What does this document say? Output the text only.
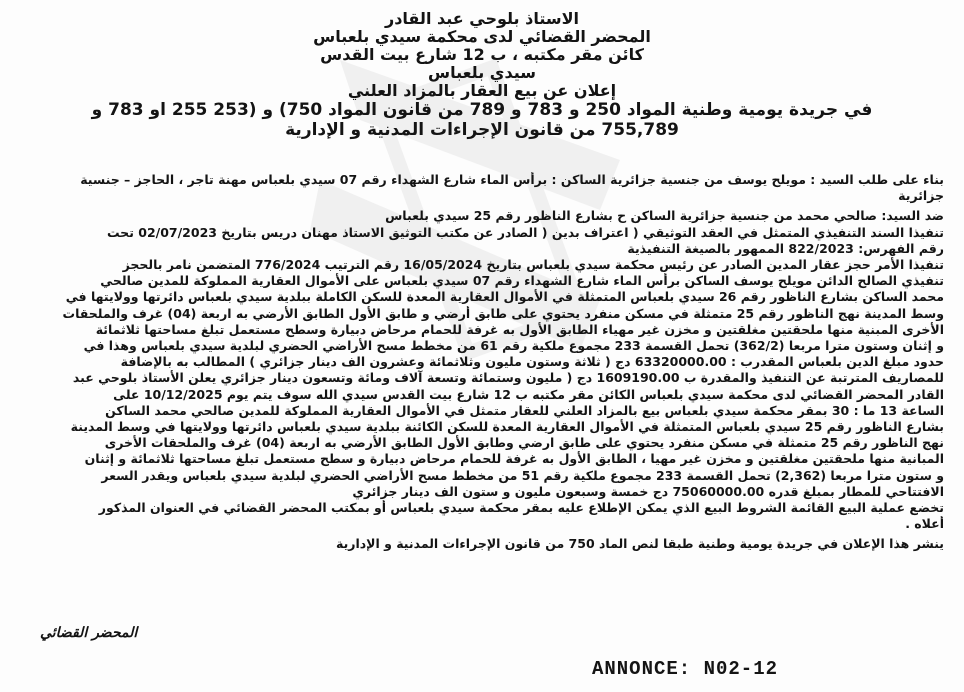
الاستاذ بلوحي عبد القادر

المحضر القضائي لدى محكمة سيدي بلعباس

كائن مقر مكتبه ، ب 12 شارع بيت القدس

سيدي بلعباس

إعلان عن بيع العقار بالمزاد العلني

في جريدة يومية وطنية المواد 250 و 783 و 789 من قانون المواد 750) و (253 255 او 783 و

755,789 من قانون الإجراءات المدنية و الإدارية

بناء على طلب السيد : مويلح يوسف من جنسية جزائرية الساكن : برأس الماء شارع الشهداء رقم 07 سيدي بلعباس مهنة تاجر ، الحاجز – جنسية

جزائرية

ضد السيد: صالحي محمد من جنسية جزائرية الساكن ح بشارع الناظور رقم 25 سيدي بلعباس

تنفيذا السند التنفيذي المتمثل في العقد التوثيقي ( اعتراف بدين ( الصادر عن مكتب التوثيق الاستاذ مهنان دريس بتاريخ 02/07/2023 تحت

رقم الفهرس: 822/2023 الممهور بالصيغة التنفيذية

تنفيذا الأمر حجز عقار المدين الصادر عن رئيس محكمة سيدي بلعباس بتاريخ 16/05/2024 رقم الترتيب 776/2024 المتضمن نامر بالحجز

تنفيذي الصالح الدائن مويلح يوسف الساكن برأس الماء شارع الشهداء رقم 07 سيدي بلعباس على الأموال العقارية المملوكة للمدين صالحي

محمد الساكن بشارع الناظور رقم 26 سيدي بلعباس المتمثلة في الأموال العقارية المعدة للسكن الكاملة ببلدية سيدي بلعباس دائرتها وولايتها في

وسط المدينة نهج الناظور رقم 25 متمثلة في مسكن منفرد يحتوي على طابق أرضي و طابق الأول الطابق الأرضي به اربعة (04) غرف والملحقات

الأخرى المبنية منها ملحقتين مغلقتين و مخزن غير مهياء الطابق الأول به غرفة للحمام مرحاض دبيارة وسطح مستعمل تبلغ مساحتها ثلاثمائة

و إثنان وستون مترا مربعا (362/2) تحمل القسمة 233 مجموع ملكية رقم 61 من مخطط مسح الأراضي الحضري لبلدية سيدي بلعباس وهذا في

حدود مبلغ الدين بلعباس المقدرب : 63320000.00 دج ( ثلاثة وستون مليون وثلاثمائة وعشرون الف دينار جزائري ) المطالب به بالإضافة

للمصاريف المترتبة عن التنفيذ والمقدرة ب 1609190.00 دج ( مليون وستمائة وتسعة آلاف ومائة وتسعون دينار جزائري يعلن الأستاذ بلوحي عبد

القادر المحضر القضائي لدى محكمة سيدي بلعباس الكائن مقر مكتبه ب 12 شارع بيت القدس سيدي الله سوف يتم يوم 10/12/2025 على

الساعة 13 ما : 30 بمقر محكمة سيدي بلعباس بيع بالمزاد العلني للعقار متمثل في الأموال العقارية المملوكة للمدين صالحي محمد الساكن

بشارع الناظور رقم 25 سيدي بلعباس المتمثلة في الأموال العقارية المعدة للسكن الكائنة ببلدية سيدي بلعباس دائرتها وولايتها في وسط المدينة

نهج الناظور رقم 25 متمثلة في مسكن منفرد يحتوي على طابق ارضي وطابق الأول الطابق الأرضي به اربعة (04) غرف والملحقات الأخرى

المبانية منها ملحقتين مغلقتين و مخزن غير مهيا ، الطابق الأول به غرفة للحمام مرحاض دبيارة و سطح مستعمل تبلغ مساحتها ثلاثمائة و إثنان

و ستون مترا مربعا (2,362) تحمل القسمة 233 مجموع ملكية رقم 51 من مخطط مسح الأراضي الحضري لبلدية سيدي بلعباس ويقدر السعر

الافتتاحي للمطار بمبلغ قدره 75060000.00 دج خمسة وسبعون مليون و ستون الف دينار جزائري

تخضع عملية البيع القائمة الشروط البيع الذي يمكن الإطلاع عليه بمقر محكمة سيدي بلعباس أو بمكتب المحضر القضائي في العنوان المذكور

أعلاه .

ينشر هذا الإعلان في جريدة يومية وطنية طبقا لنص الماد 750 من قانون الإجراءات المدنية و الإدارية

المحضر القضائي
ANNONCE: N02-12
